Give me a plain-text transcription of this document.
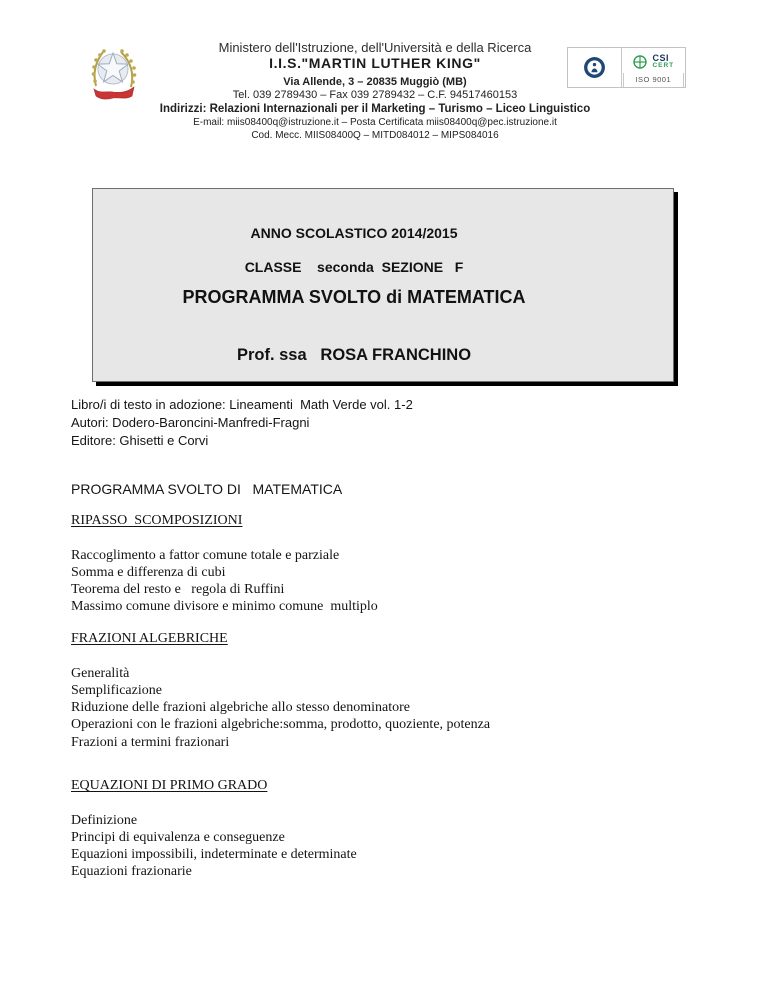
Ministero dell'Istruzione, dell'Università e della Ricerca
I.I.S."MARTIN LUTHER KING"
Via Allende, 3 – 20835 Muggiò (MB)
Tel. 039 2789430 – Fax 039 2789432 – C.F. 94517460153
Indirizzi: Relazioni Internazionali per il Marketing – Turismo – Liceo Linguistico
E-mail: miis08400q@istruzione.it – Posta Certificata miis08400q@pec.istruzione.it
Cod. Mecc. MIIS08400Q – MITD084012 – MIPS084016
CSI
CERT
ISO 9001
ANNO SCOLASTICO 2014/2015
CLASSE    seconda  SEZIONE   F
PROGRAMMA SVOLTO di MATEMATICA
Prof. ssa   ROSA FRANCHINO
Libro/i di testo in adozione: Lineamenti  Math Verde vol. 1-2
Autori: Dodero-Baroncini-Manfredi-Fragni
Editore: Ghisetti e Corvi
PROGRAMMA SVOLTO DI   MATEMATICA
RIPASSO  SCOMPOSIZIONI
Raccoglimento a fattor comune totale e parziale
Somma e differenza di cubi
Teorema del resto e   regola di Ruffini
Massimo comune divisore e minimo comune  multiplo
FRAZIONI ALGEBRICHE
Generalità
Semplificazione
Riduzione delle frazioni algebriche allo stesso denominatore
Operazioni con le frazioni algebriche:somma, prodotto, quoziente, potenza
Frazioni a termini frazionari
EQUAZIONI DI PRIMO GRADO
Definizione
Principi di equivalenza e conseguenze
Equazioni impossibili, indeterminate e determinate
Equazioni frazionarie
